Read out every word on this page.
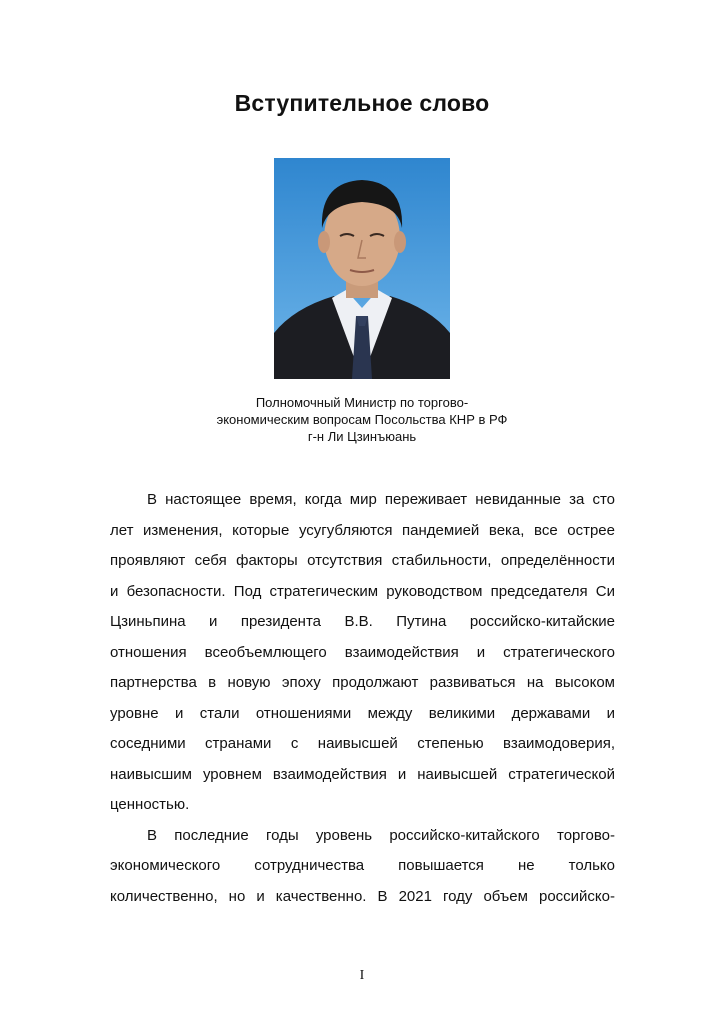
Вступительное слово
Полномочный Министр по торгово-
экономическим вопросам Посольства КНР в РФ
г-н Ли Цзинъюань
В настоящее время, когда мир переживает невиданные за сто
лет изменения, которые усугубляются пандемией века, все острее
проявляют себя факторы отсутствия стабильности, определённости
и безопасности. Под стратегическим руководством председателя Си
Цзиньпина и президента В.В. Путина российско-китайские
отношения всеобъемлющего взаимодействия и стратегического
партнерства в новую эпоху продолжают развиваться на высоком
уровне и стали отношениями между великими державами и
соседними странами с наивысшей степенью взаимодоверия,
наивысшим уровнем взаимодействия и наивысшей стратегической
ценностью.
В последние годы уровень российско-китайского торгово-
экономического сотрудничества повышается не только
количественно, но и качественно. В 2021 году объем российско-
I
